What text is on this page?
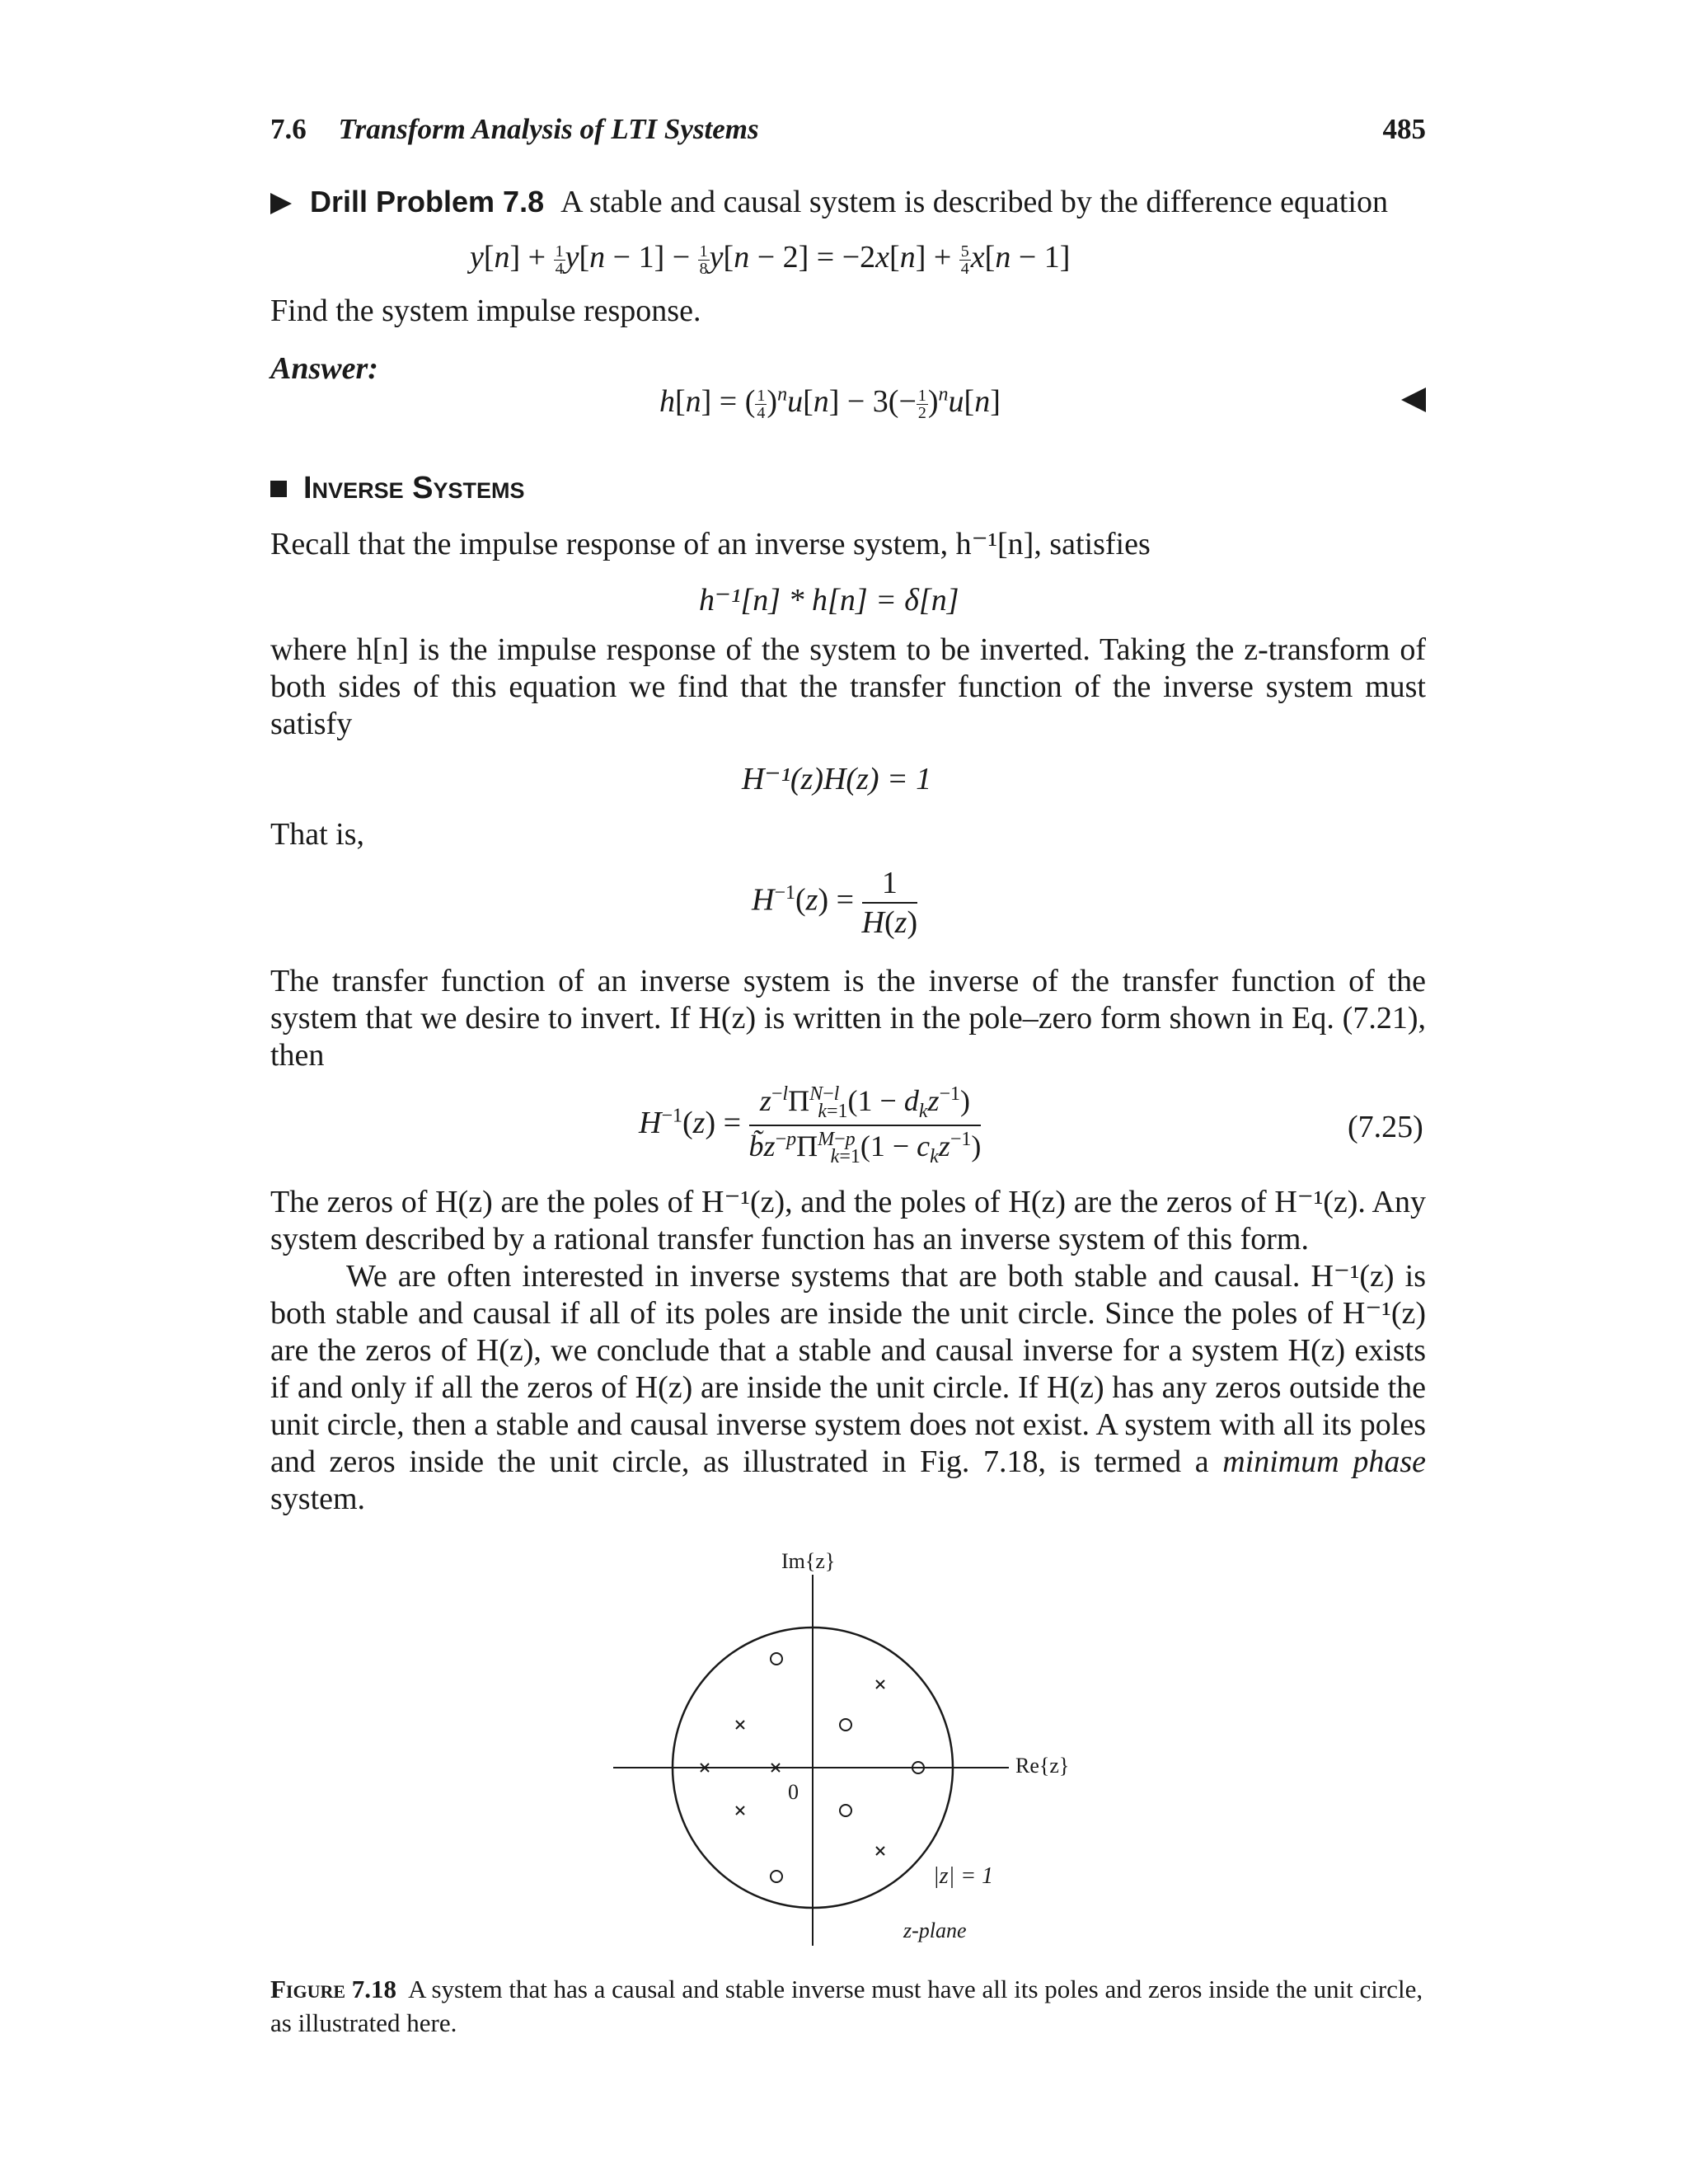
7.6 Transform Analysis of LTI Systems	485
Drill Problem 7.8 A stable and causal system is described by the difference equation
$y[n] + \frac{1}{4} y[n - 1] - \frac{1}{8} y[n - 2] = -2x[n] + \frac{5}{4} x[n - 1]$
Find the system impulse response.
Answer:
h[n] = ( $\frac{1}{4} )^nu[n] - 3(- \frac{1}{2} )^nu[n]$
Inverse Systems
Recall that the impulse response of an inverse system, h⁻¹[n], satisfies
h⁻¹[n] * h[n] = δ[n]
where h[n] is the impulse response of the system to be inverted. Taking the z-transform of both sides of this equation we find that the transfer function of the inverse system must satisfy
H⁻¹(z)H(z) = 1
That is,
$H^{-1}(z) = \frac{1}{H(z)}$
The transfer function of an inverse system is the inverse of the transfer function of the system that we desire to invert. If H(z) is written in the pole–zero form shown in Eq. (7.21), then
$H^{-1}(z) = \frac{z^{-l}\Pi^{N-l}_{k=1}(1 - d_kz^{-1})}{b̃z^{-p}\Pi^{M-p}_{k=1}(1 - c_kz^{-1})}$	(7.25)
The zeros of H(z) are the poles of H⁻¹(z), and the poles of H(z) are the zeros of H⁻¹(z). Any system described by a rational transfer function has an inverse system of this form.
We are often interested in inverse systems that are both stable and causal. H⁻¹(z) is both stable and causal if all of its poles are inside the unit circle. Since the poles of H⁻¹(z) are the zeros of H(z), we conclude that a stable and causal inverse for a system H(z) exists if and only if all the zeros of H(z) are inside the unit circle. If H(z) has any zeros outside the unit circle, then a stable and causal inverse system does not exist. A system with all its poles and zeros inside the unit circle, as illustrated in Fig. 7.18, is termed a minimum phase system.
Im{z}
Re{z}
0
|z| = 1
z-plane
Figure 7.18 A system that has a causal and stable inverse must have all its poles and zeros inside the unit circle, as illustrated here.
